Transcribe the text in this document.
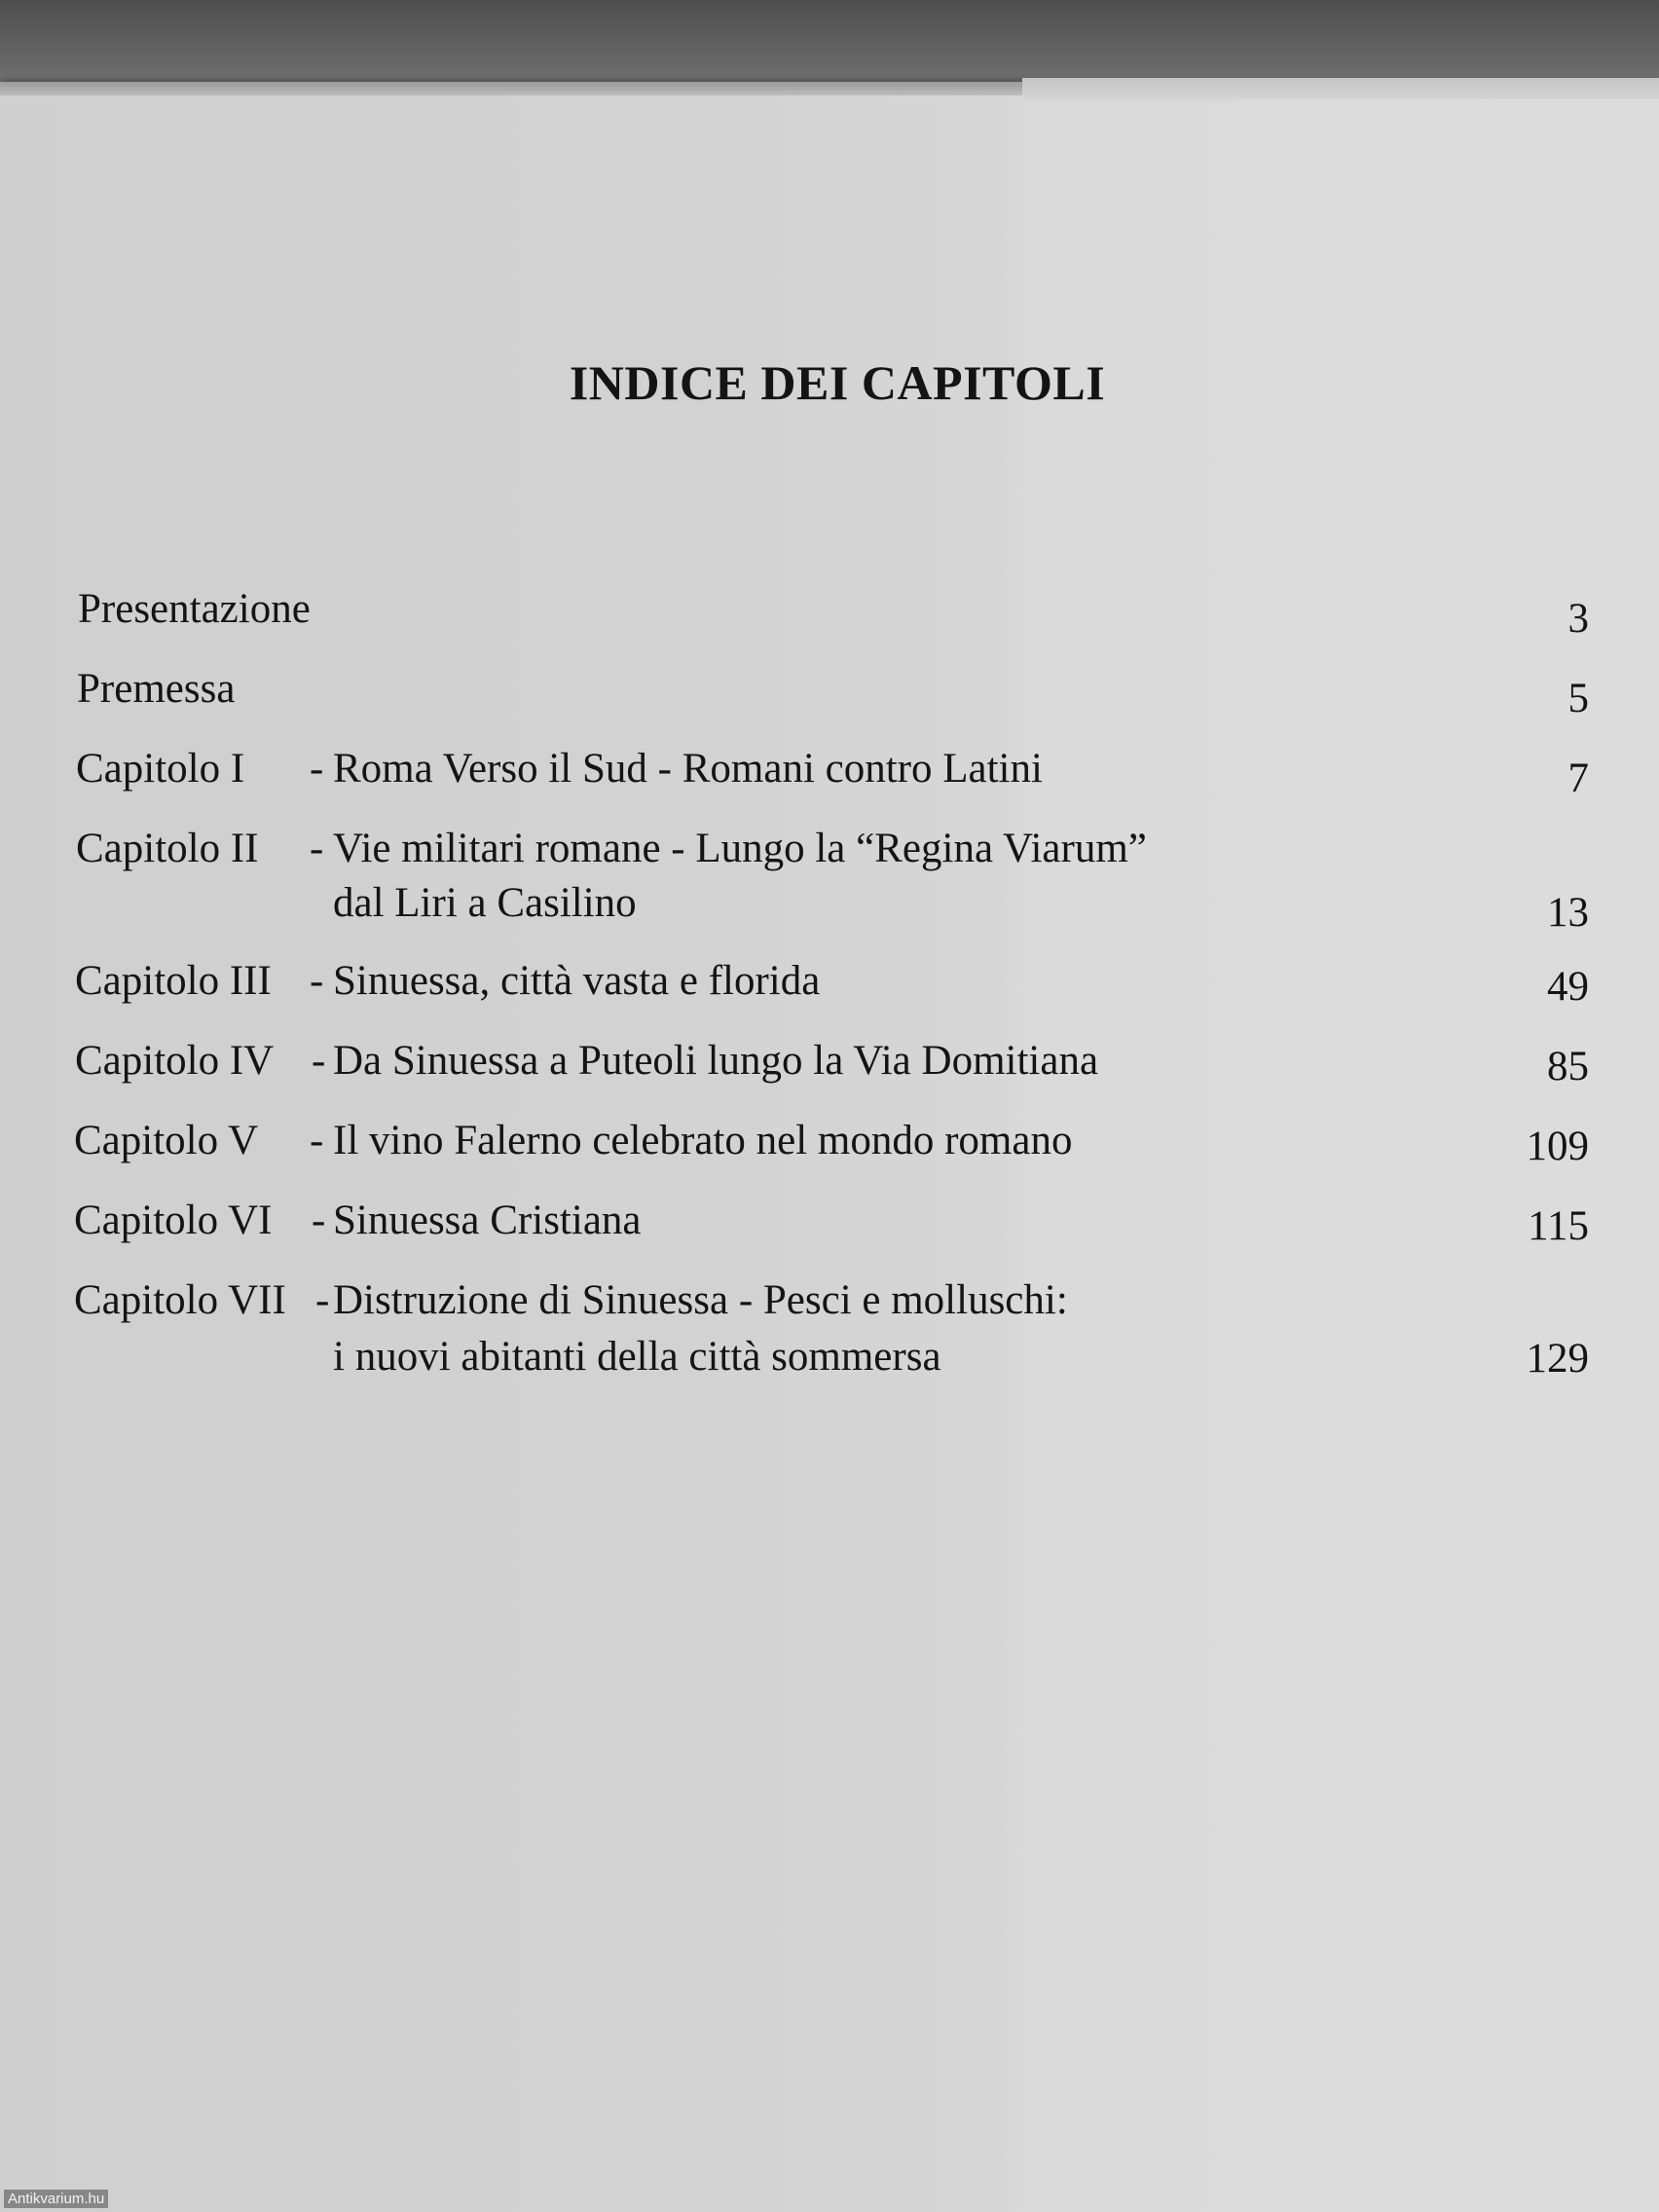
INDICE DEI CAPITOLI
Presentazione	3
Premessa	5
Capitolo I - Roma Verso il Sud - Romani contro Latini	7
Capitolo II - Vie militari romane - Lungo la “Regina Viarum”
dal Liri a Casilino	13
Capitolo III - Sinuessa, città vasta e florida	49
Capitolo IV - Da Sinuessa a Puteoli lungo la Via Domitiana	85
Capitolo V - Il vino Falerno celebrato nel mondo romano	109
Capitolo VI - Sinuessa Cristiana	115
Capitolo VII - Distruzione di Sinuessa - Pesci e molluschi:
i nuovi abitanti della città sommersa	129
Antikvarium.hu
